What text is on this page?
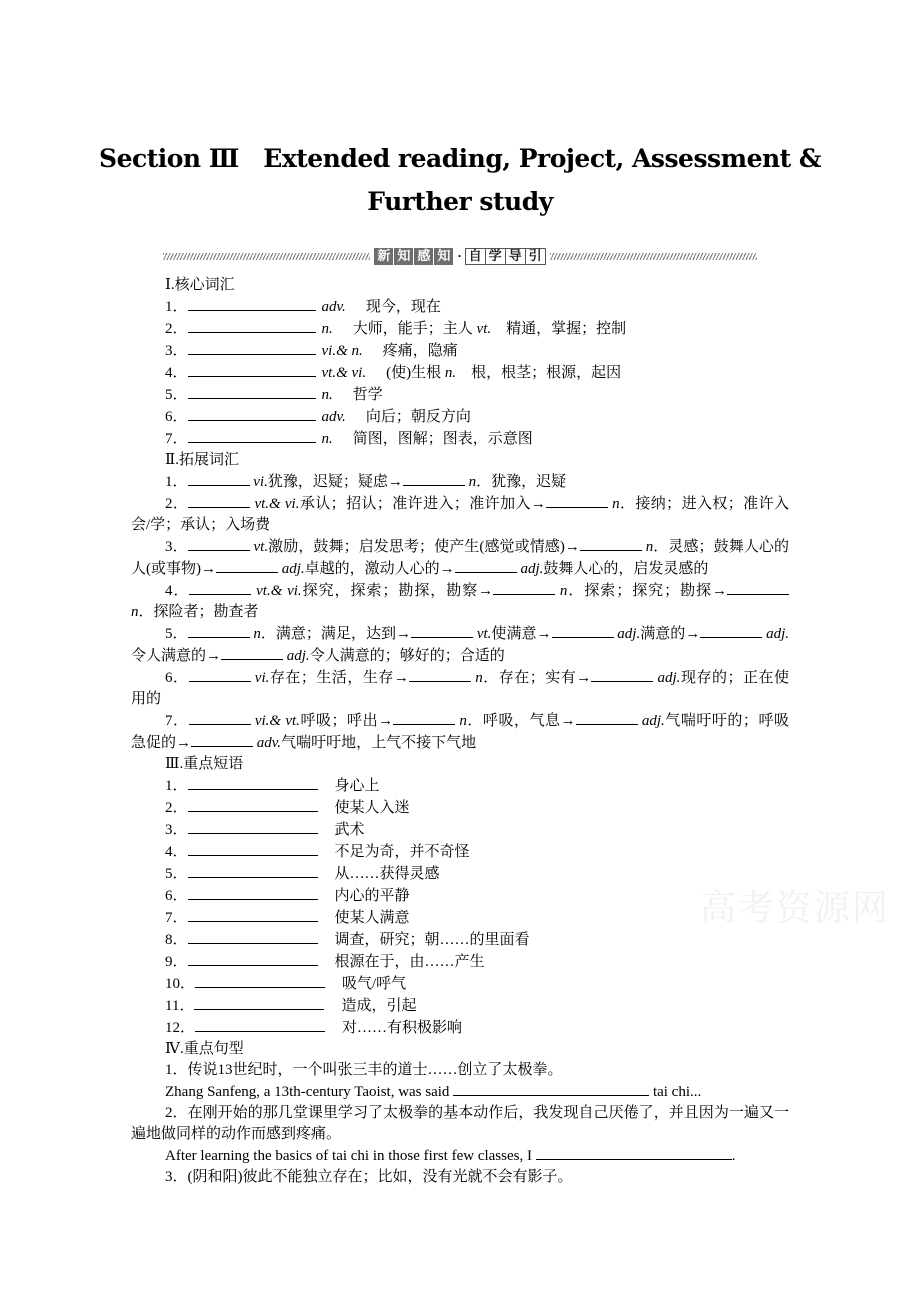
Section Ⅲ　Extended reading, Project, Assessment &
Further study
新 知 感 知 · 自 学 导 引
Ⅰ.核心词汇
1．	adv. 现今，现在
2．	n. 大师，能手；主人 vt.　精通，掌握；控制
3．	vi.& n. 疼痛，隐痛
4．	vt.& vi. (使)生根 n.　根，根茎；根源，起因
5．	n. 哲学
6．	adv. 向后；朝反方向
7．	n. 简图，图解；图表，示意图
Ⅱ.拓展词汇
1．	vi.犹豫，迟疑；疑虑→	n．犹豫，迟疑
2．	vt.& vi.承认；招认；准许进入；准许加入→	n．接纳；进入权；准许入会/学；承认；入场费
3．	vt.激励，鼓舞；启发思考；使产生(感觉或情感)→	n．灵感；鼓舞人心的人(或事物)→	adj.卓越的，激动人心的→	adj.鼓舞人心的，启发灵感的
4．	vt.& vi.探究，探索；勘探，勘察→	n．探索；探究；勘探→ n．探险者；勘查者
5．	n．满意；满足，达到→	vt.使满意→	adj.满意的→	adj.令人满意的→	adj.令人满意的；够好的；合适的
6．	vi.存在；生活，生存→	n．存在；实有→	adj.现存的；正在使用的
7．	vi.& vt.呼吸；呼出→	n．呼吸，气息→	adj.气喘吁吁的；呼吸急促的→	adv.气喘吁吁地，上气不接下气地
Ⅲ.重点短语
1．	身心上
2．	使某人入迷
3．	武术
4．	不足为奇，并不奇怪
5．	从……获得灵感
6．	内心的平静
7．	使某人满意
8．	调查，研究；朝……的里面看
9．	根源在于，由……产生
10．	吸气/呼气
11．	造成，引起
12．	对……有积极影响
Ⅳ.重点句型
1．传说13世纪时，一个叫张三丰的道士……创立了太极拳。
Zhang Sanfeng, a 13th-century Taoist, was said	tai chi...
2．在刚开始的那几堂课里学习了太极拳的基本动作后，我发现自己厌倦了，并且因为一遍又一遍地做同样的动作而感到疼痛。
After learning the basics of tai chi in those first few classes, I	.
3．(阴和阳)彼此不能独立存在；比如，没有光就不会有影子。
高考资源网
